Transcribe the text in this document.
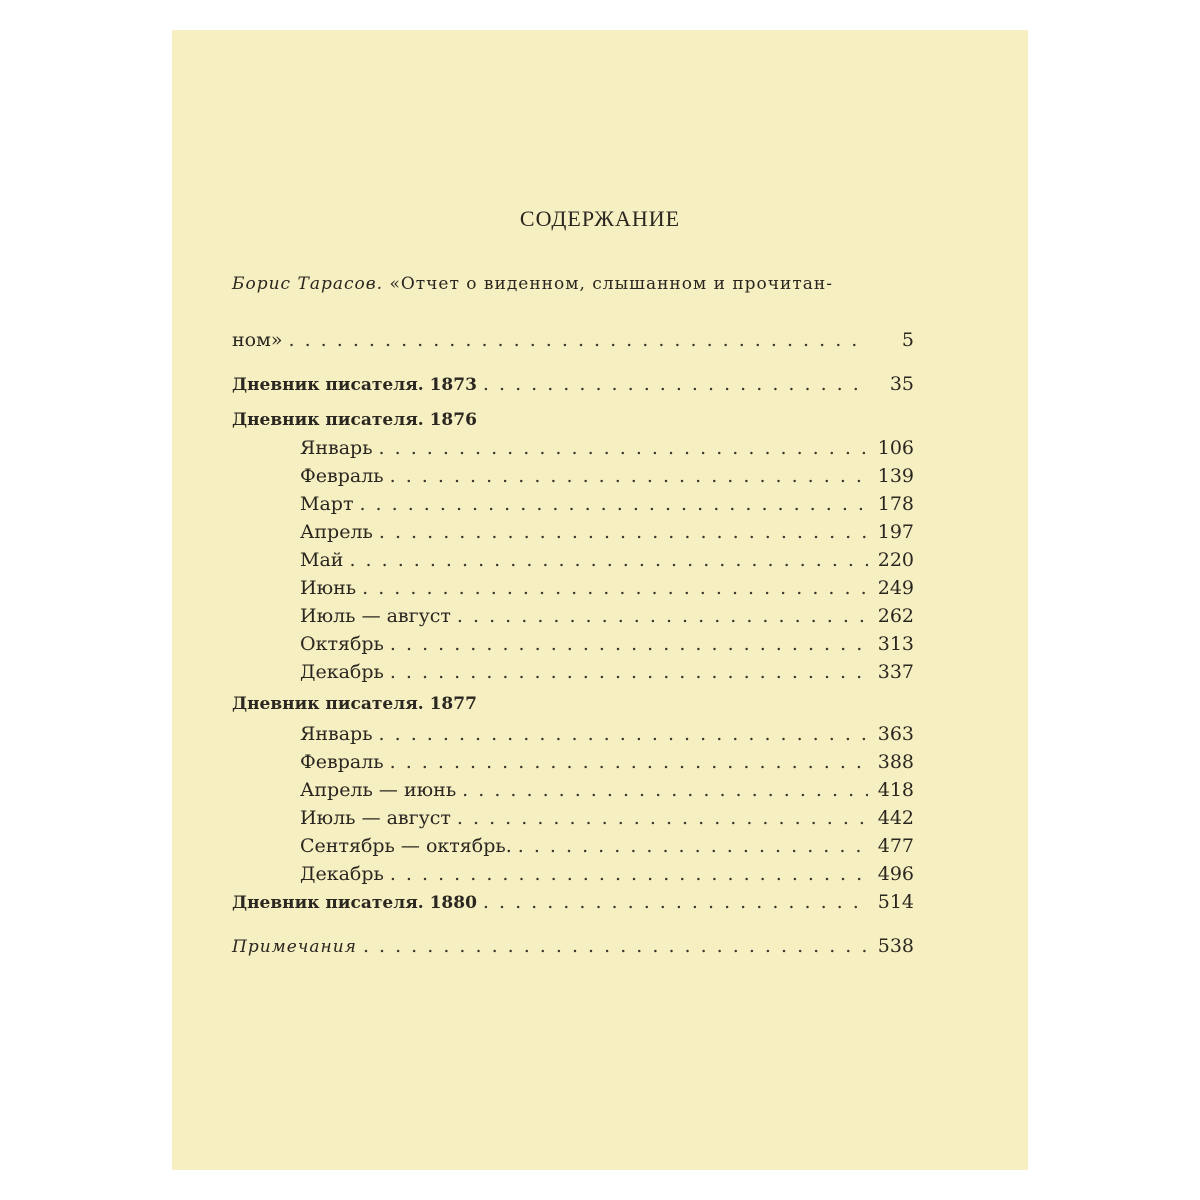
СОДЕРЖАНИЕ
Борис Тарасов. «Отчет о виденном, слышанном и прочитан-
ном» . . .	5
Дневник писателя. 1873 . . .	35
Дневник писателя. 1876
Январь . . .	106
Февраль . . .	139
Март . . .	178
Апрель . . .	197
Май . . .	220
Июнь . . .	249
Июль — август . . .	262
Октябрь . . .	313
Декабрь . . .	337
Дневник писателя. 1877
Январь . . .	363
Февраль . . .	388
Апрель — июнь . . .	418
Июль — август . . .	442
Сентябрь — октябрь. . . .	477
Декабрь . . .	496
Дневник писателя. 1880 . . .	514
Примечания . . .	538
